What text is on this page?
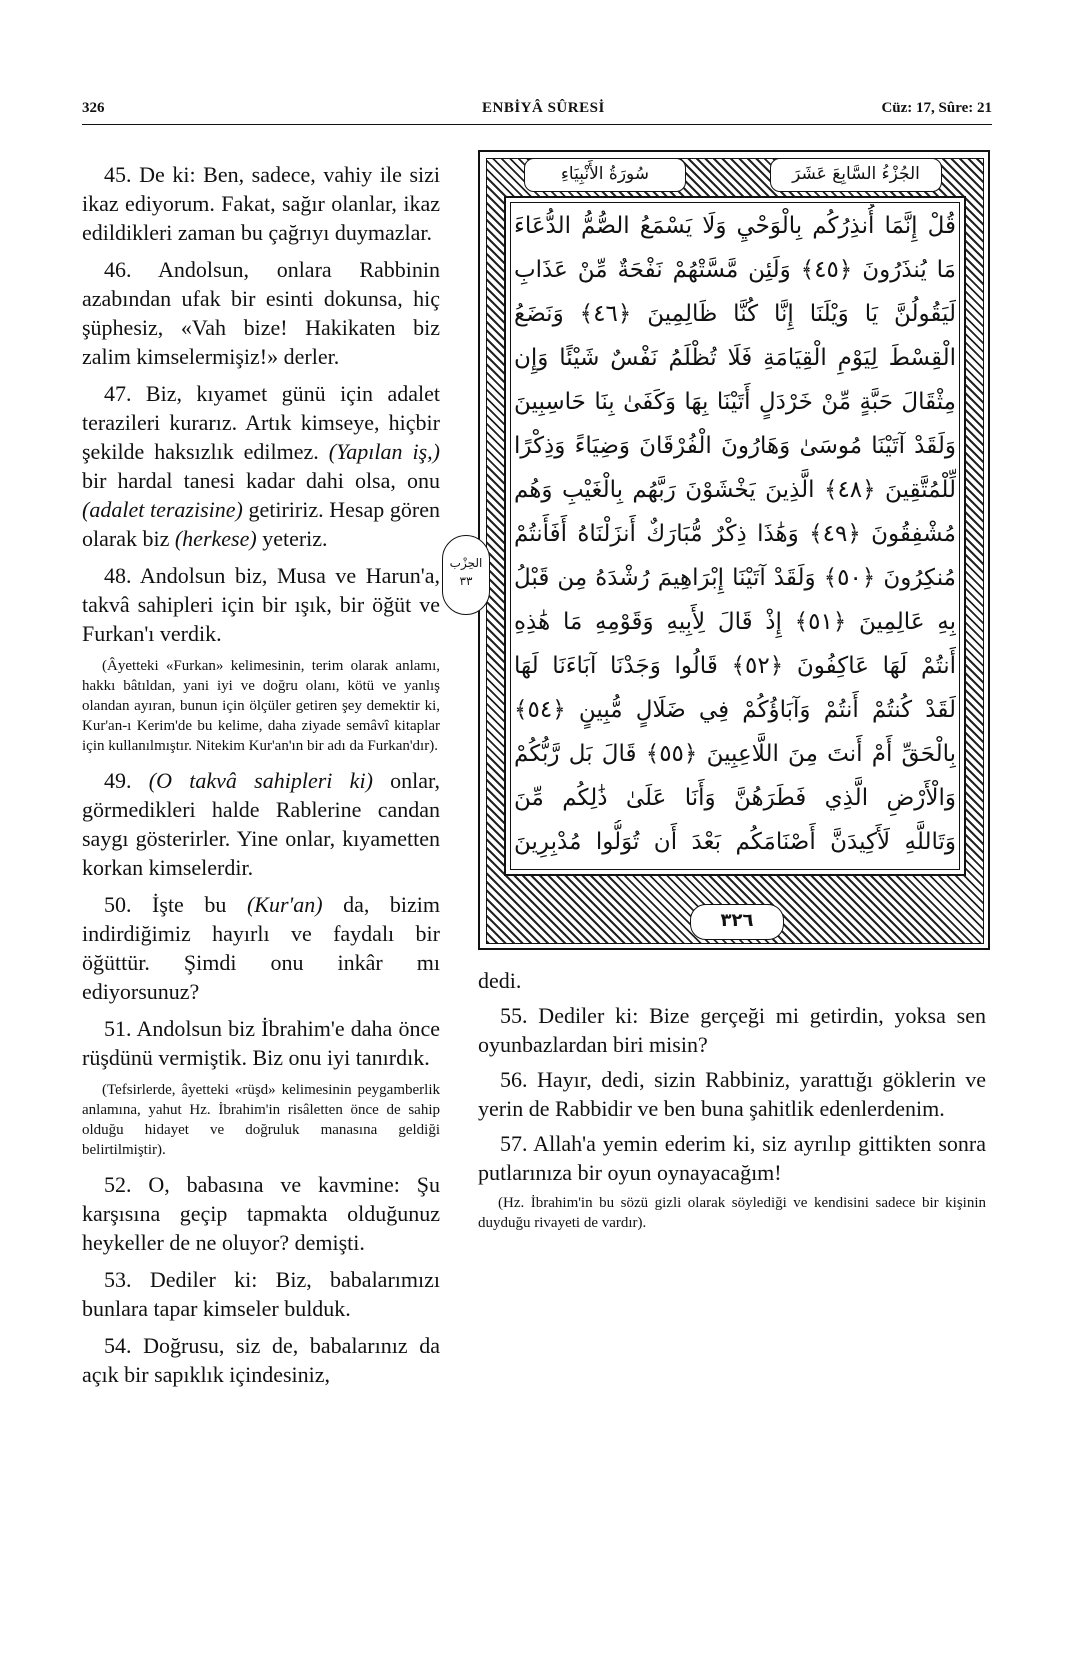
326	ENBİYÂ SÛRESİ	Cüz: 17, Sûre: 21

45. De ki: Ben, sadece, vahiy ile sizi ikaz ediyorum. Fakat, sağır olanlar, ikaz edildikleri zaman bu çağrıyı duymazlar.

46. Andolsun, onlara Rabbinin azabından ufak bir esinti dokunsa, hiç şüphesiz, «Vah bize! Hakikaten biz zalim kimselermişiz!» derler.

47. Biz, kıyamet günü için adalet terazileri kurarız. Artık kimseye, hiçbir şekilde haksızlık edilmez. (Yapılan iş,) bir hardal tanesi kadar dahi olsa, onu (adalet terazisine) getiririz. Hesap gören olarak biz (herkese) yeteriz.

48. Andolsun biz, Musa ve Harun'a, takvâ sahipleri için bir ışık, bir öğüt ve Furkan'ı verdik.

(Âyetteki «Furkan» kelimesinin, terim olarak anlamı, hakkı bâtıldan, yani iyi ve doğru olanı, kötü ve yanlış olandan ayıran, bunun için ölçüler getiren şey demektir ki, Kur'an-ı Kerim'de bu kelime, daha ziyade semâvî kitaplar için kullanılmıştır. Nitekim Kur'an'ın bir adı da Furkan'dır).

49. (O takvâ sahipleri ki) onlar, görmedikleri halde Rablerine candan saygı gösterirler. Yine onlar, kıyametten korkan kimselerdir.

50. İşte bu (Kur'an) da, bizim indirdiğimiz hayırlı ve faydalı bir öğüttür. Şimdi onu inkâr mı ediyorsunuz?

51. Andolsun biz İbrahim'e daha önce rüşdünü vermiştik. Biz onu iyi tanırdık.

(Tefsirlerde, âyetteki «rüşd» kelimesinin peygamberlik anlamına, yahut Hz. İbrahim'in risâletten önce de sahip olduğu hidayet ve doğruluk manasına geldiği belirtilmiştir).

52. O, babasına ve kavmine: Şu karşısına geçip tapmakta olduğunuz heykeller de ne oluyor? demişti.

53. Dediler ki: Biz, babalarımızı bunlara tapar kimseler bulduk.

54. Doğrusu, siz de, babalarınız da açık bir sapıklık içindesiniz,

سُورَةُ الأَنْبِيَاءِ	الجُزْءُ السَّابِعَ عَشَرَ
قُلْ إِنَّمَا أُنذِرُكُم بِالْوَحْيِ وَلَا يَسْمَعُ الصُّمُّ الدُّعَاءَ
مَا يُنذَرُونَ ﴿٤٥﴾ وَلَئِن مَّسَّتْهُمْ نَفْحَةٌ مِّنْ عَذَابِ
لَيَقُولُنَّ يَا وَيْلَنَا إِنَّا كُنَّا ظَالِمِينَ ﴿٤٦﴾ وَنَضَعُ
الْقِسْطَ لِيَوْمِ الْقِيَامَةِ فَلَا تُظْلَمُ نَفْسٌ شَيْئًا وَإِن
مِثْقَالَ حَبَّةٍ مِّنْ خَرْدَلٍ أَتَيْنَا بِهَا وَكَفَىٰ بِنَا حَاسِبِينَ
وَلَقَدْ آتَيْنَا مُوسَىٰ وَهَارُونَ الْفُرْقَانَ وَضِيَاءً وَذِكْرًا
لِّلْمُتَّقِينَ ﴿٤٨﴾ الَّذِينَ يَخْشَوْنَ رَبَّهُم بِالْغَيْبِ وَهُم
مُشْفِقُونَ ﴿٤٩﴾ وَهَٰذَا ذِكْرٌ مُّبَارَكٌ أَنزَلْنَاهُ أَفَأَنتُمْ
مُنكِرُونَ ﴿٥٠﴾ وَلَقَدْ آتَيْنَا إِبْرَاهِيمَ رُشْدَهُ مِن قَبْلُ
بِهِ عَالِمِينَ ﴿٥١﴾ إِذْ قَالَ لِأَبِيهِ وَقَوْمِهِ مَا هَٰذِهِ
أَنتُمْ لَهَا عَاكِفُونَ ﴿٥٢﴾ قَالُوا وَجَدْنَا آبَاءَنَا لَهَا
لَقَدْ كُنتُمْ أَنتُمْ وَآبَاؤُكُمْ فِي ضَلَالٍ مُّبِينٍ ﴿٥٤﴾
بِالْحَقِّ أَمْ أَنتَ مِنَ اللَّاعِبِينَ ﴿٥٥﴾ قَالَ بَل رَّبُّكُمْ
وَالْأَرْضِ الَّذِي فَطَرَهُنَّ وَأَنَا عَلَىٰ ذَٰلِكُم مِّنَ
وَتَاللَّهِ لَأَكِيدَنَّ أَصْنَامَكُم بَعْدَ أَن تُوَلُّوا مُدْبِرِينَ
٣٢٦
الحِزْب ٣٣

dedi.

55. Dediler ki: Bize gerçeği mi getirdin, yoksa sen oyunbazlardan biri misin?

56. Hayır, dedi, sizin Rabbiniz, yarattığı göklerin ve yerin de Rabbidir ve ben buna şahitlik edenlerdenim.

57. Allah'a yemin ederim ki, siz ayrılıp gittikten sonra putlarınıza bir oyun oynayacağım!

(Hz. İbrahim'in bu sözü gizli olarak söylediği ve kendisini sadece bir kişinin duyduğu rivayeti de vardır).
